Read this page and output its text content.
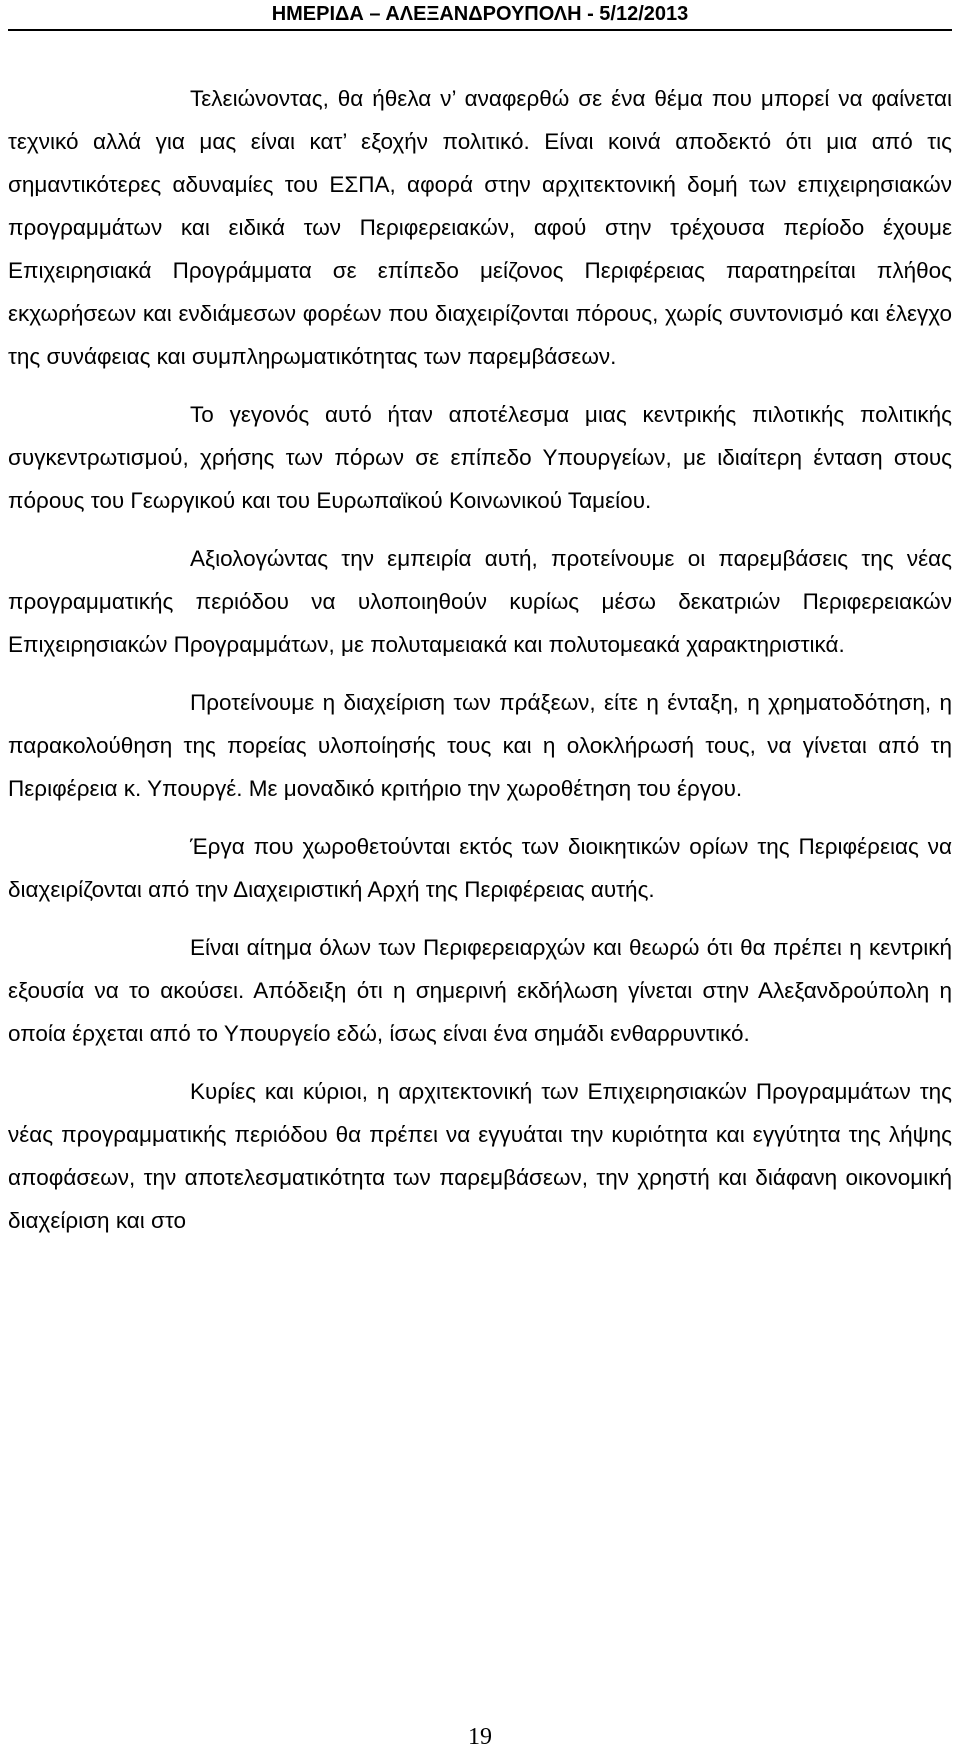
ΗΜΕΡΙΔΑ – ΑΛΕΞΑΝΔΡΟΥΠΟΛΗ - 5/12/2013

Τελειώνοντας, θα ήθελα ν’ αναφερθώ σε ένα θέμα που μπορεί να φαίνεται τεχνικό αλλά για μας είναι κατ’ εξοχήν πολιτικό. Είναι κοινά αποδεκτό ότι μια από τις σημαντικότερες αδυναμίες του ΕΣΠΑ, αφορά στην αρχιτεκτονική δομή των επιχειρησιακών προγραμμάτων και ειδικά των Περιφερειακών, αφού στην τρέχουσα περίοδο έχουμε Επιχειρησιακά Προγράμματα σε επίπεδο μείζονος Περιφέρειας παρατηρείται πλήθος εκχωρήσεων και ενδιάμεσων φορέων που διαχειρίζονται πόρους, χωρίς συντονισμό και έλεγχο της συνάφειας και συμπληρωματικότητας των παρεμβάσεων.

Το γεγονός αυτό ήταν αποτέλεσμα μιας κεντρικής πιλοτικής πολιτικής συγκεντρωτισμού, χρήσης των πόρων σε επίπεδο Υπουργείων, με ιδιαίτερη ένταση στους πόρους του Γεωργικού και του Ευρωπαϊκού Κοινωνικού Ταμείου.

Αξιολογώντας την εμπειρία αυτή, προτείνουμε οι παρεμβάσεις της νέας προγραμματικής περιόδου να υλοποιηθούν κυρίως μέσω δεκατριών Περιφερειακών Επιχειρησιακών Προγραμμάτων, με πολυταμειακά και πολυτομεακά χαρακτηριστικά.

Προτείνουμε η διαχείριση των πράξεων, είτε η ένταξη, η χρηματοδότηση, η παρακολούθηση της πορείας υλοποίησής τους και η ολοκλήρωσή τους, να γίνεται από τη Περιφέρεια κ. Υπουργέ. Με μοναδικό κριτήριο την χωροθέτηση του έργου.

Έργα που χωροθετούνται εκτός των διοικητικών ορίων της Περιφέρειας να διαχειρίζονται από την Διαχειριστική Αρχή της Περιφέρειας αυτής.

Είναι αίτημα όλων των Περιφερειαρχών και θεωρώ ότι θα πρέπει η κεντρική εξουσία να το ακούσει. Απόδειξη ότι η σημερινή εκδήλωση γίνεται στην Αλεξανδρούπολη η οποία έρχεται από το Υπουργείο εδώ, ίσως είναι ένα σημάδι ενθαρρυντικό.

Κυρίες και κύριοι, η αρχιτεκτονική των Επιχειρησιακών Προγραμμάτων της νέας προγραμματικής περιόδου θα πρέπει να εγγυάται την κυριότητα και εγγύτητα της λήψης αποφάσεων, την αποτελεσματικότητα των παρεμβάσεων, την χρηστή και διάφανη οικονομική διαχείριση και στο

19
